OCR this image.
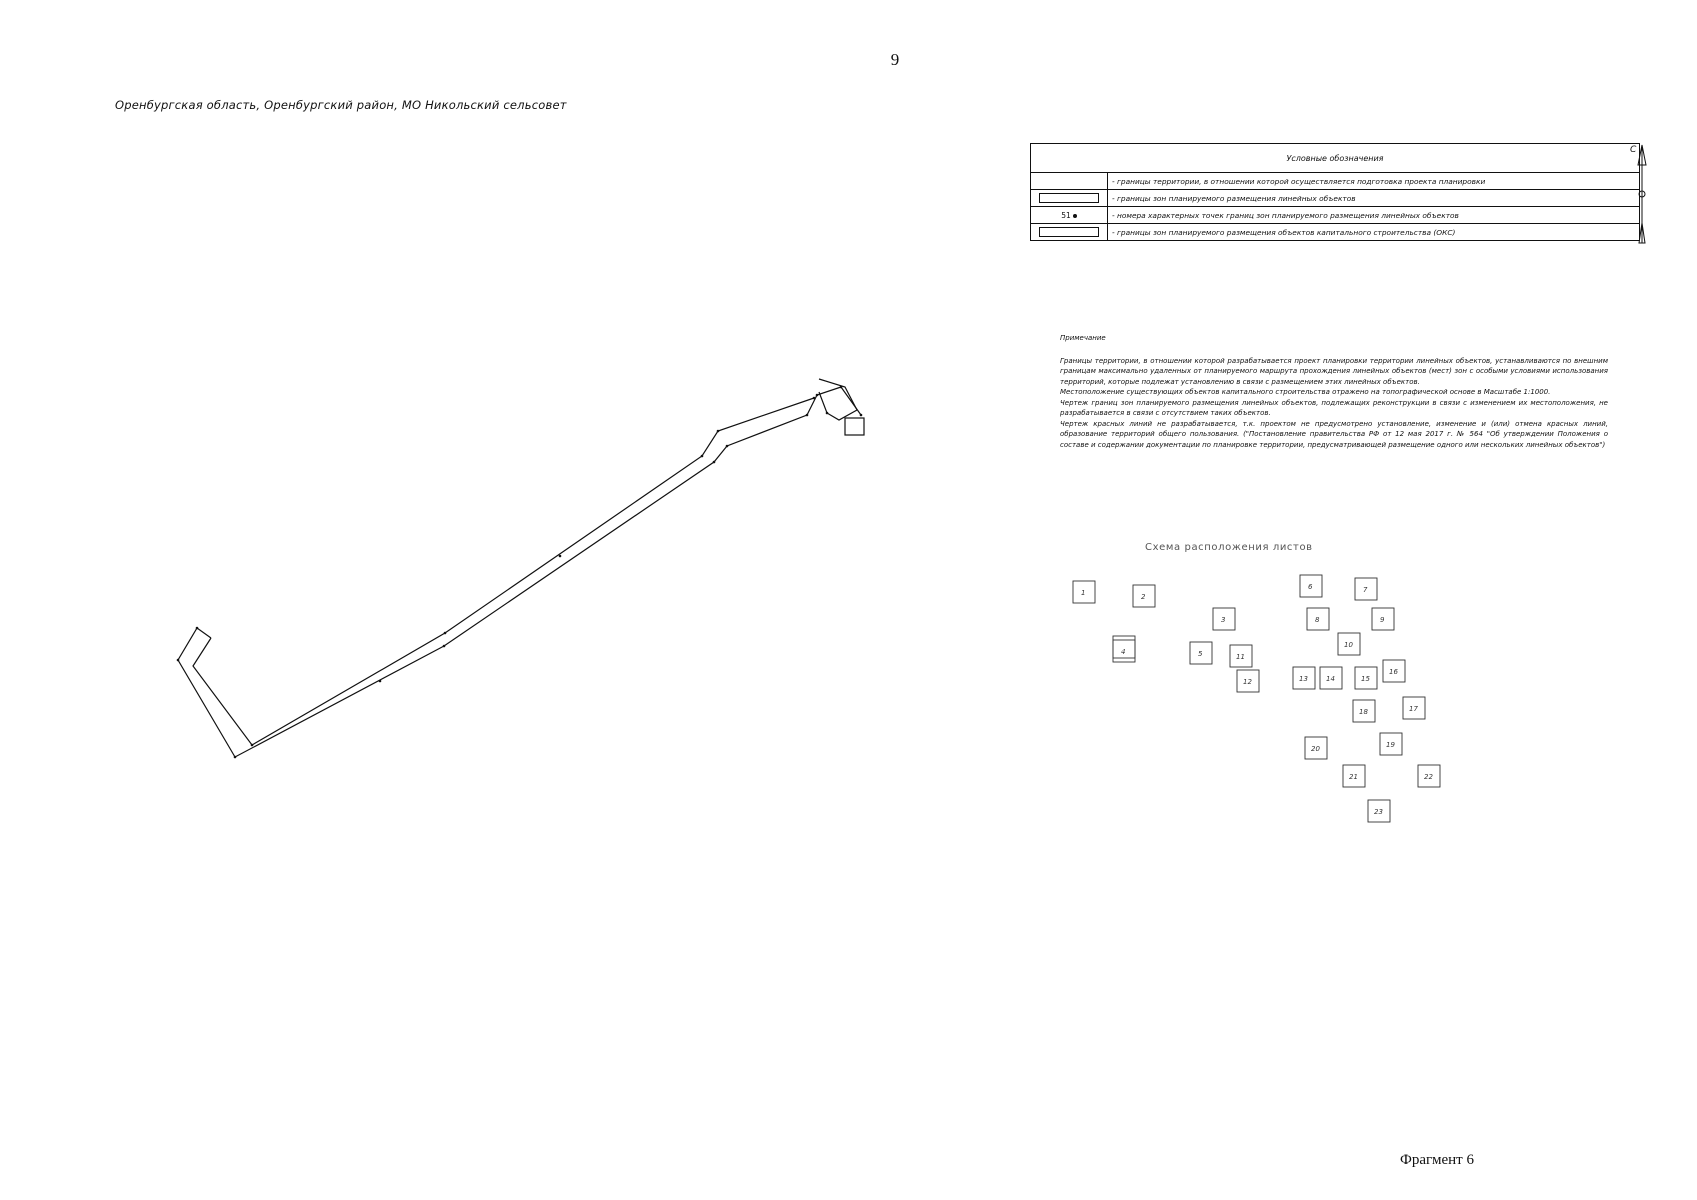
9
Оренбургская область, Оренбургский район, МО Никольский сельсовет
1	2
3
4	5
6	7
8	9
10
11
12	13	14	15
16
17
18
19
20
21	22
23
Условные обозначения	
	- границы территории, в отношении которой осуществляется подготовка проекта планировки
	- границы зон планируемого размещения линейных объектов
51	- номера характерных точек границ зон планируемого размещения линейных объектов
	- границы зон планируемого размещения объектов капитального строительства (ОКС)
С
Примечание

Границы территории, в отношении которой разрабатывается проект планировки территории линейных объектов, устанавливаются по внешним границам максимально удаленных от планируемого маршрута прохождения линейных объектов (мест) зон с особыми условиями использования территорий, которые подлежат установлению в связи с размещением этих линейных объектов.

Местоположение существующих объектов капитального строительства отражено на топографической основе в Масштабе 1:1000.

Чертеж границ зон планируемого размещения линейных объектов, подлежащих реконструкции в связи с изменением их местоположения, не разрабатывается в связи с отсутствием таких объектов.

Чертеж красных линий не разрабатывается, т.к. проектом не предусмотрено установление, изменение и (или) отмена красных линий, образование территорий общего пользования. ("Постановление правительства РФ от 12 мая 2017 г. № 564 "Об утверждении Положения о составе и содержании документации по планировке территории, предусматривающей размещение одного или нескольких линейных объектов")

Схема расположения листов
Фрагмент 6
